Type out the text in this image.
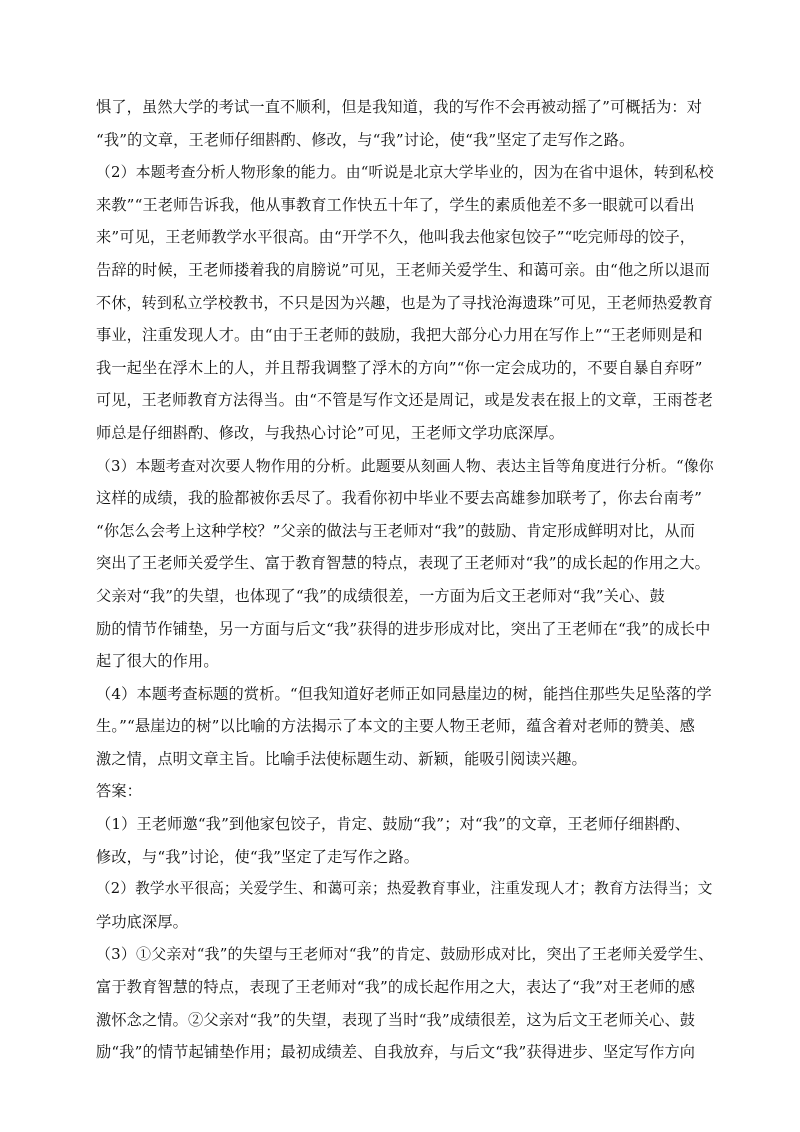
惧了，虽然大学的考试一直不顺利，但是我知道，我的写作不会再被动摇了”可概括为：对
“我”的文章，王老师仔细斟酌、修改，与“我”讨论，使“我”坚定了走写作之路。
（2）本题考查分析人物形象的能力。由“听说是北京大学毕业的，因为在省中退休，转到私校
来教”“王老师告诉我，他从事教育工作快五十年了，学生的素质他差不多一眼就可以看出
来”可见，王老师教学水平很高。由“开学不久，他叫我去他家包饺子”“吃完师母的饺子，
告辞的时候，王老师搂着我的肩膀说”可见，王老师关爱学生、和蔼可亲。由“他之所以退而
不休，转到私立学校教书，不只是因为兴趣，也是为了寻找沧海遗珠”可见，王老师热爱教育
事业，注重发现人才。由“由于王老师的鼓励，我把大部分心力用在写作上”“王老师则是和
我一起坐在浮木上的人，并且帮我调整了浮木的方向”“你一定会成功的，不要自暴自弃呀”
可见，王老师教育方法得当。由“不管是写作文还是周记，或是发表在报上的文章，王雨苍老
师总是仔细斟酌、修改，与我热心讨论”可见，王老师文学功底深厚。
（3）本题考查对次要人物作用的分析。此题要从刻画人物、表达主旨等角度进行分析。“像你
这样的成绩，我的脸都被你丢尽了。我看你初中毕业不要去高雄参加联考了，你去台南考”
“你怎么会考上这种学校？”父亲的做法与王老师对“我”的鼓励、肯定形成鲜明对比，从而
突出了王老师关爱学生、富于教育智慧的特点，表现了王老师对“我”的成长起的作用之大。
父亲对“我”的失望，也体现了“我”的成绩很差，一方面为后文王老师对“我”关心、鼓
励的情节作铺垫，另一方面与后文“我”获得的进步形成对比，突出了王老师在“我”的成长中
起了很大的作用。
（4）本题考查标题的赏析。“但我知道好老师正如同悬崖边的树，能挡住那些失足坠落的学
生。”“悬崖边的树”以比喻的方法揭示了本文的主要人物王老师，蕴含着对老师的赞美、感
激之情，点明文章主旨。比喻手法使标题生动、新颖，能吸引阅读兴趣。
答案：
（1）王老师邀“我”到他家包饺子，肯定、鼓励“我”；对“我”的文章，王老师仔细斟酌、
修改，与“我”讨论，使“我”坚定了走写作之路。
（2）教学水平很高；关爱学生、和蔼可亲；热爱教育事业，注重发现人才；教育方法得当；文
学功底深厚。
（3）①父亲对“我”的失望与王老师对“我”的肯定、鼓励形成对比，突出了王老师关爱学生、
富于教育智慧的特点，表现了王老师对“我”的成长起作用之大，表达了“我”对王老师的感
激怀念之情。②父亲对“我”的失望，表现了当时“我”成绩很差，这为后文王老师关心、鼓
励“我”的情节起铺垫作用；最初成绩差、自我放弃，与后文“我”获得进步、坚定写作方向
